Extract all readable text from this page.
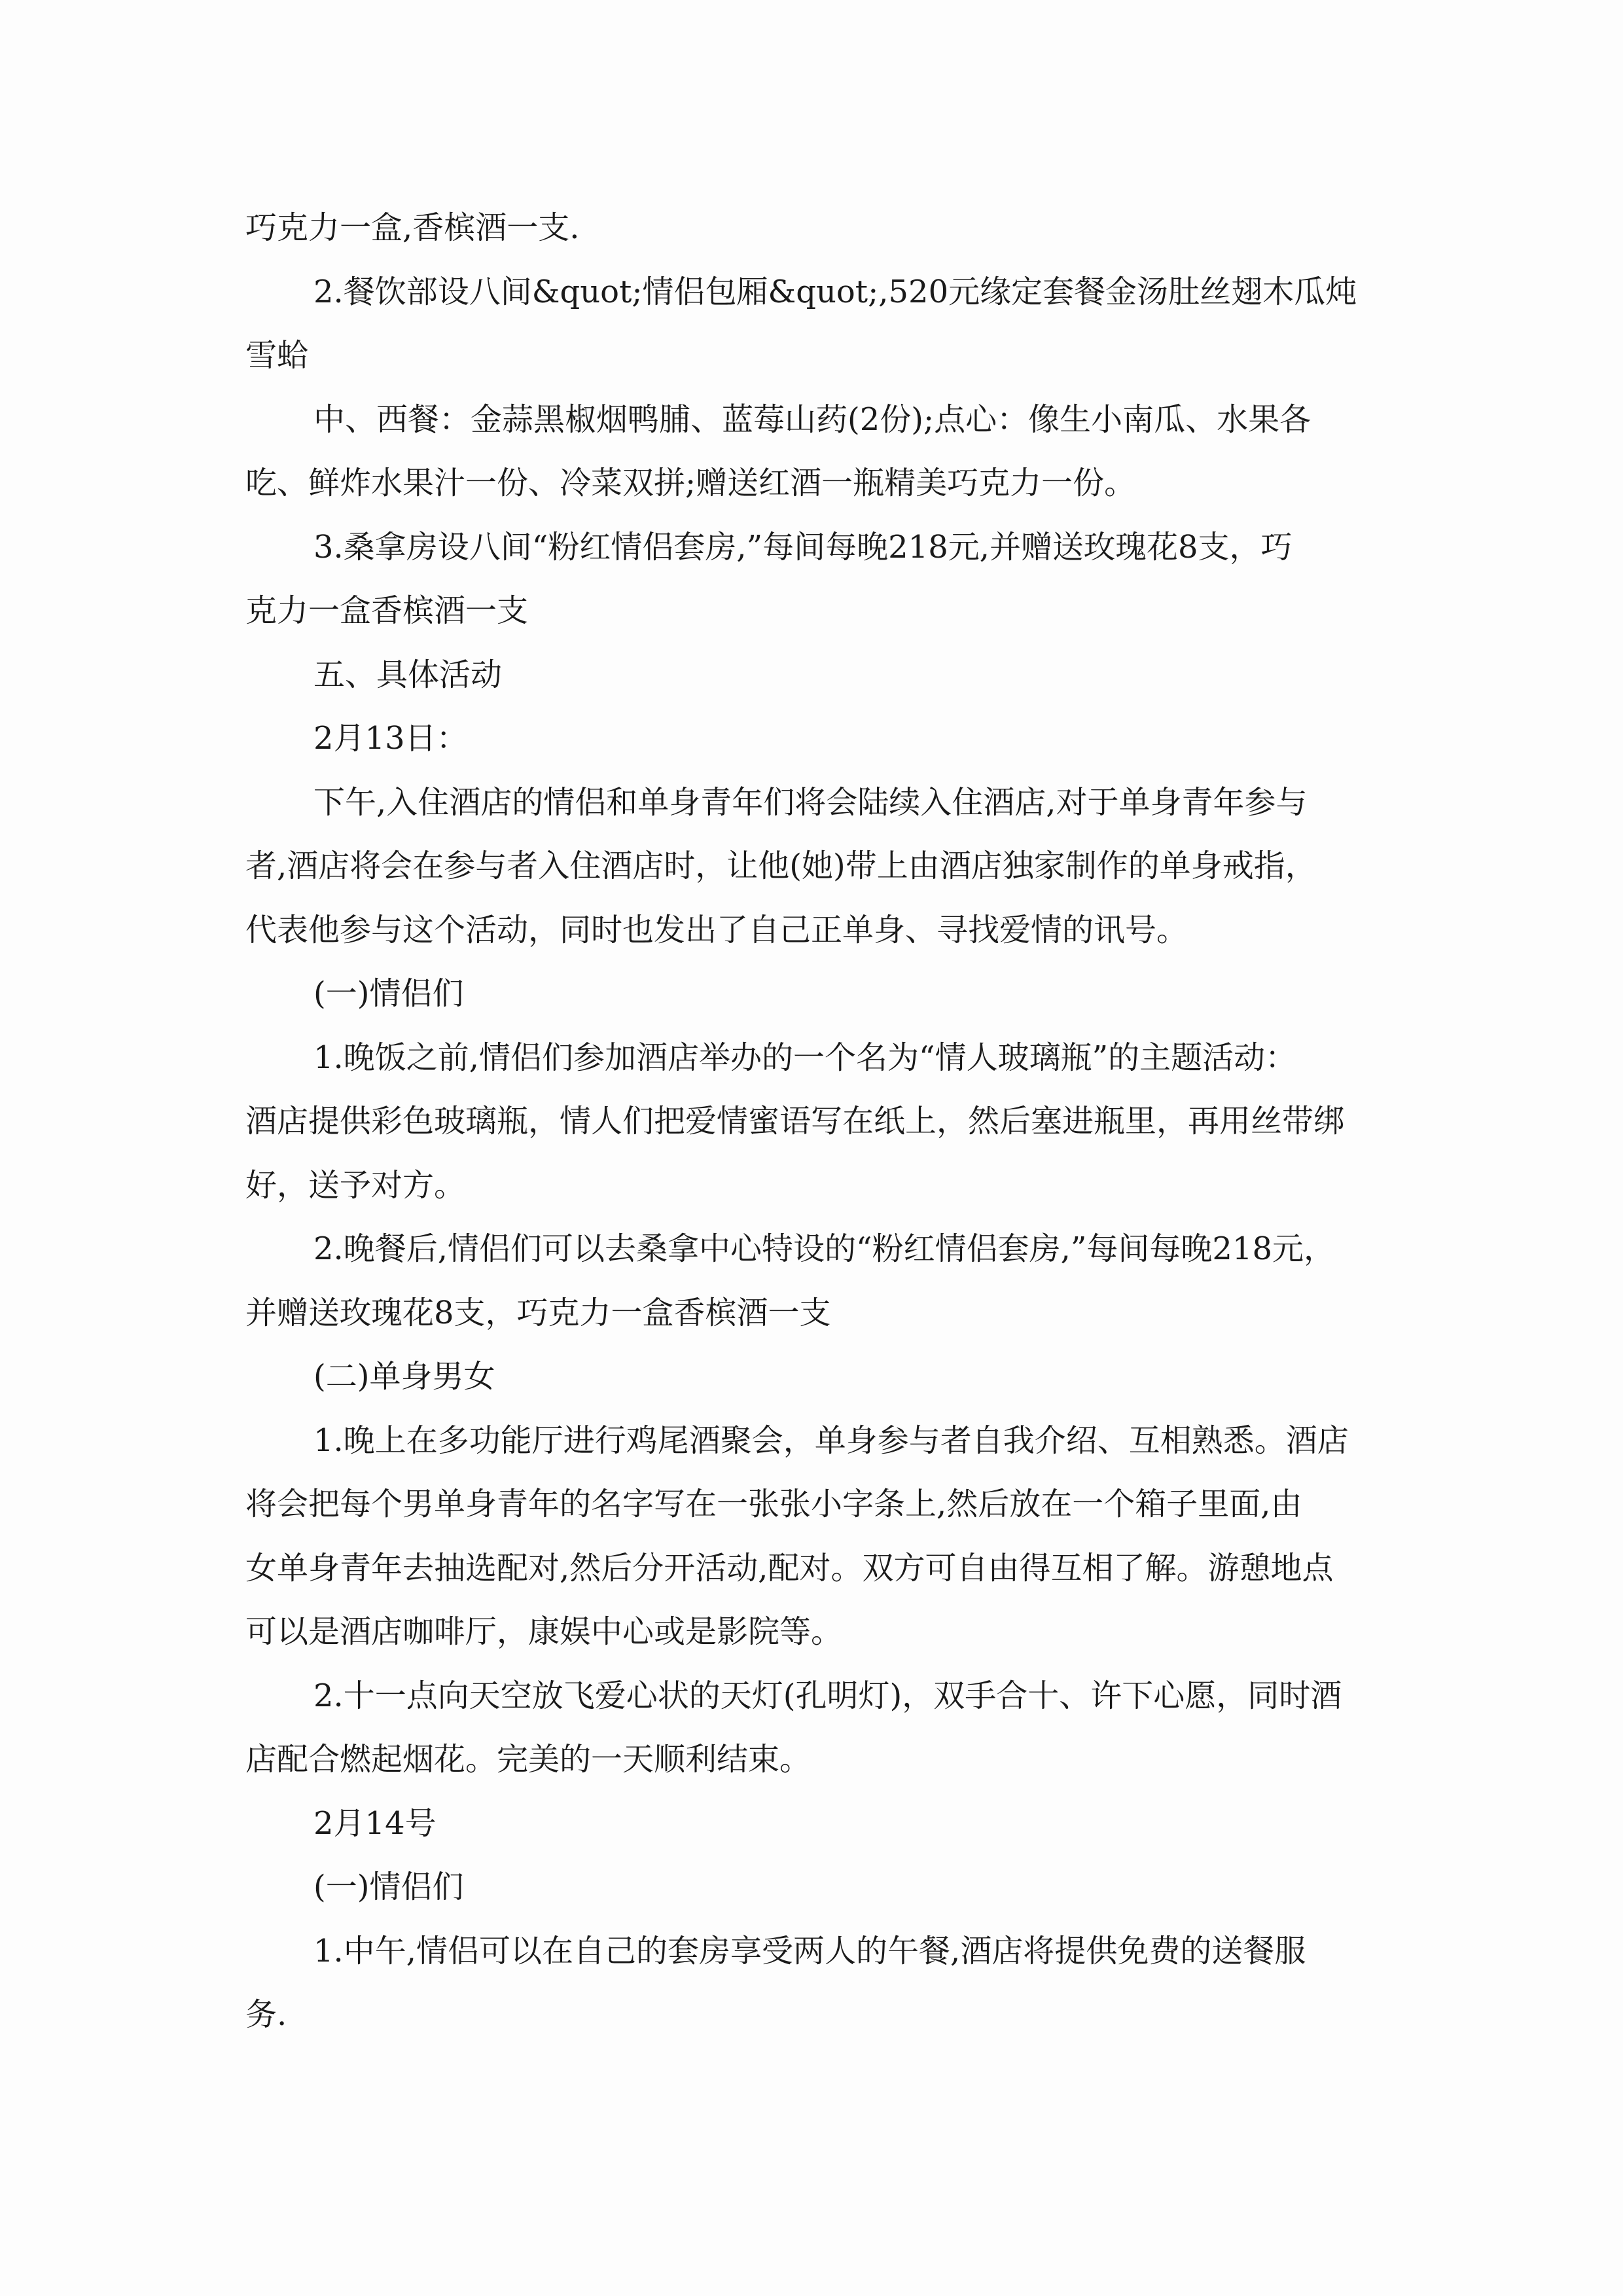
巧克力一盒,香槟酒一支.
2.餐饮部设八间&quot;情侣包厢&quot;,520元缘定套餐金汤肚丝翅木瓜炖
雪蛤
中、西餐：金蒜黑椒烟鸭脯、蓝莓山药(2份);点心：像生小南瓜、水果各
吃、鲜炸水果汁一份、冷菜双拼;赠送红酒一瓶精美巧克力一份。
3.桑拿房设八间“粉红情侣套房,”每间每晚218元,并赠送玫瑰花8支，巧
克力一盒香槟酒一支
五、具体活动
2月13日：
下午,入住酒店的情侣和单身青年们将会陆续入住酒店,对于单身青年参与
者,酒店将会在参与者入住酒店时，让他(她)带上由酒店独家制作的单身戒指，
代表他参与这个活动，同时也发出了自己正单身、寻找爱情的讯号。
(一)情侣们
1.晚饭之前,情侣们参加酒店举办的一个名为“情人玻璃瓶”的主题活动：
酒店提供彩色玻璃瓶，情人们把爱情蜜语写在纸上，然后塞进瓶里，再用丝带绑
好，送予对方。
2.晚餐后,情侣们可以去桑拿中心特设的“粉红情侣套房,”每间每晚218元，
并赠送玫瑰花8支，巧克力一盒香槟酒一支
(二)单身男女
1.晚上在多功能厅进行鸡尾酒聚会，单身参与者自我介绍、互相熟悉。酒店
将会把每个男单身青年的名字写在一张张小字条上,然后放在一个箱子里面,由
女单身青年去抽选配对,然后分开活动,配对。双方可自由得互相了解。游憩地点
可以是酒店咖啡厅，康娱中心或是影院等。
2.十一点向天空放飞爱心状的天灯(孔明灯)，双手合十、许下心愿，同时酒
店配合燃起烟花。完美的一天顺利结束。
2月14号
(一)情侣们
1.中午,情侣可以在自己的套房享受两人的午餐,酒店将提供免费的送餐服
务.
